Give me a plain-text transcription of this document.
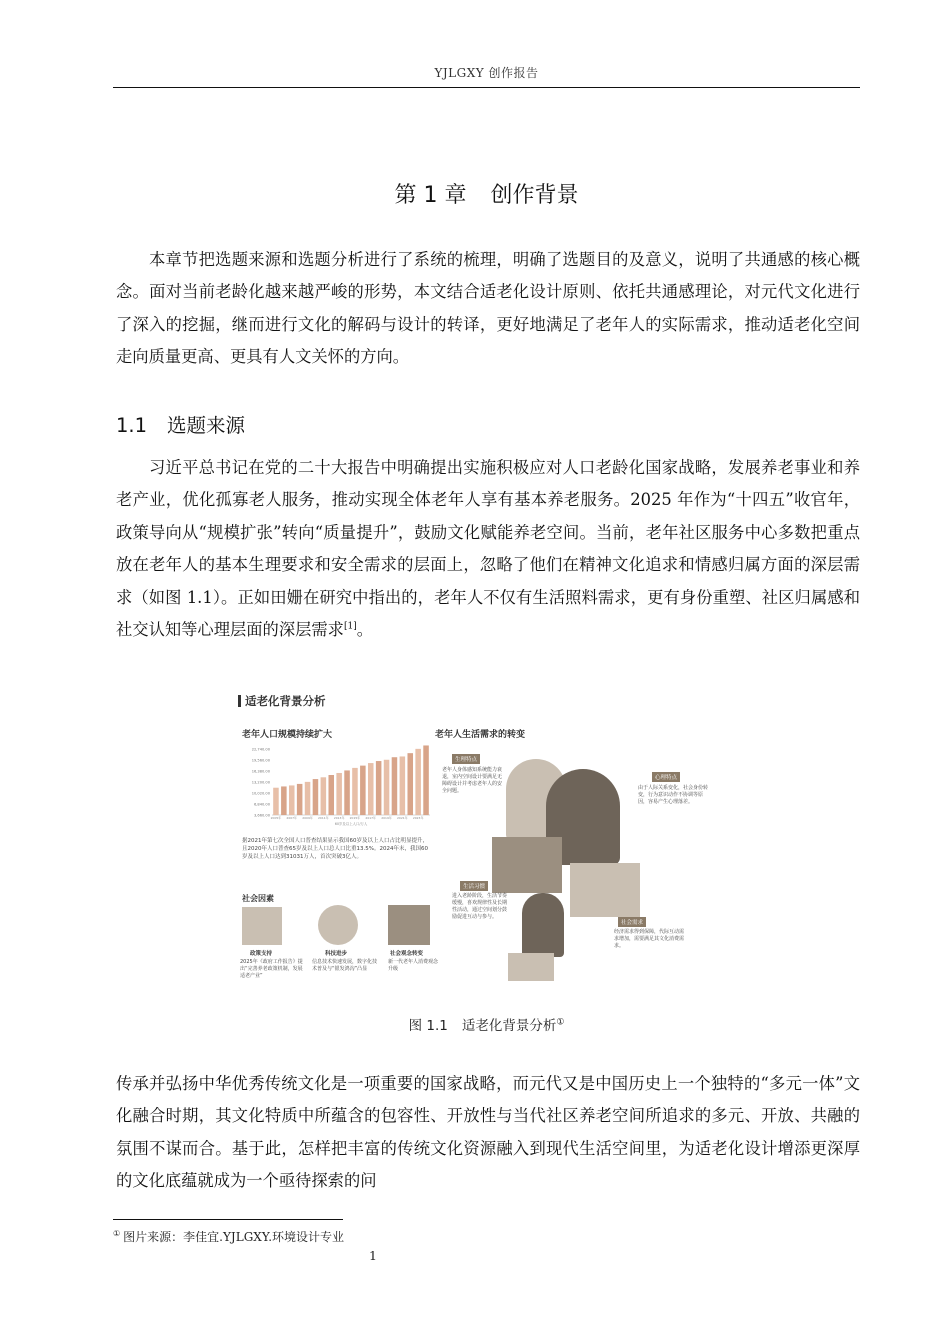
YJLGXY 创作报告
第 1 章 创作背景

本章节把选题来源和选题分析进行了系统的梳理，明确了选题目的及意义，说明了共通感的核心概念。面对当前老龄化越来越严峻的形势，本文结合适老化设计原则、依托共通感理论，对元代文化进行了深入的挖掘，继而进行文化的解码与设计的转译，更好地满足了老年人的实际需求，推动适老化空间走向质量更高、更具有人文关怀的方向。

1.1 选题来源

习近平总书记在党的二十大报告中明确提出实施积极应对人口老龄化国家战略，发展养老事业和养老产业，优化孤寡老人服务，推动实现全体老年人享有基本养老服务。2025 年作为“十四五”收官年，政策导向从“规模扩张”转向“质量提升”，鼓励文化赋能养老空间。当前，老年社区服务中心多数把重点放在老年人的基本生理要求和安全需求的层面上，忽略了他们在精神文化追求和情感归属方面的深层需求（如图 1.1）。正如田姗在研究中指出的，老年人不仅有生活照料需求，更有身份重塑、社区归属感和社交认知等心理层面的深层需求[1]。

适老化背景分析
老年人口规模持续扩大	老年人生活需求的转变
22,740.00
19,560.00
16,380.00
13,200.00
10,020.00
6,840.00
3,660.00
2005年 2007年 2009年 2011年 2013年 2015年 2017年 2019年 2021年 2023年
60岁及以上人口/万人
据2021年第七次全国人口普查结果显示我国60岁及以上人口占比明显提升，且2020年人口普查65岁及以上人口总人口比重13.5%。2024年末，我国60岁及以上人口达到31031万人，首次突破3亿人。
社会因素
政策支持	科技进步	社会观念转变
2025年《政府工作报告》提出“完善养老政策机制，发展适老产业”
信息技术快速发展，数字化技术普及与“银发鸿沟”凸显
新一代老年人消费观念升级
生理特点
老年人身体感知系统能力衰退，室内空间设计要满足无障碍设计并考虑老年人的安全问题。
心理特点
由于人际关系变化，社会身份转变，行为意识动作不协调等原因，容易产生心理落差。
生活习惯
进入老龄阶段，生活节奏缓慢，喜欢规律性及长期性活动，通过空间划分鼓励促进互动与参与。
社会需求
经济需求得到保障，代际互动需求增加，需要满足其文化消费需求。
图 1.1 适老化背景分析①

传承并弘扬中华优秀传统文化是一项重要的国家战略，而元代又是中国历史上一个独特的“多元一体”文化融合时期，其文化特质中所蕴含的包容性、开放性与当代社区养老空间所追求的多元、开放、共融的氛围不谋而合。基于此，怎样把丰富的传统文化资源融入到现代生活空间里，为适老化设计增添更深厚的文化底蕴就成为一个亟待探索的问

① 图片来源：李佳宜.YJLGXY.环境设计专业
1
